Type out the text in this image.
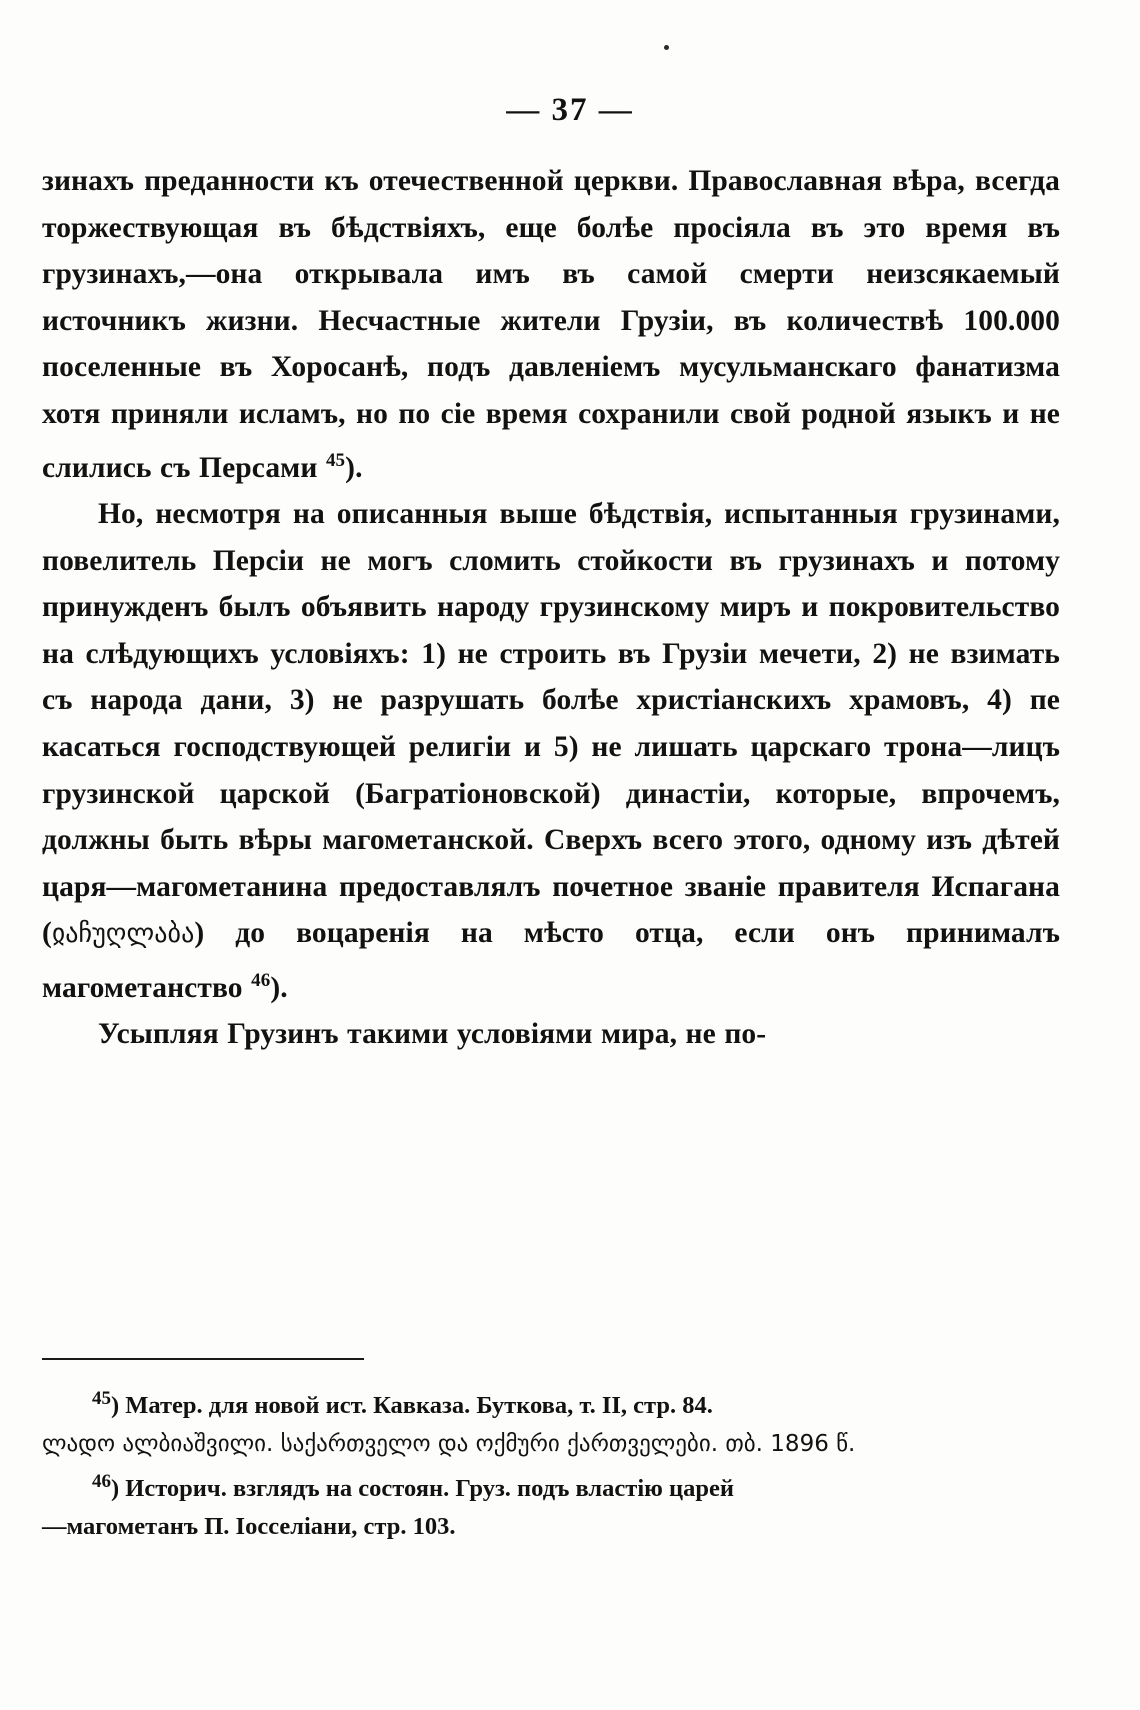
— 37 —

зинахъ преданности къ отечественной церкви. Православная вѣра, всегда торжествующая въ бѣдствіяхъ, еще болѣе просіяла въ это время въ грузинахъ,—она открывала имъ въ самой смерти неизсякаемый источникъ жизни. Несчастные жители Грузіи, въ количествѣ 100.000 поселенные въ Хоросанѣ, подъ давленіемъ мусульманскаго фанатизма хотя приняли исламъ, но по сіе время сохранили свой родной языкъ и не слились съ Персами $^{45}$).

Но, несмотря на описанныя выше бѣдствія, испытанныя грузинами, повелитель Персіи не могъ сломить стойкости въ грузинахъ и потому принужденъ былъ объявить народу грузинскому миръ и покровительство на слѣдующихъ условіяхъ: 1) не строить въ Грузіи мечети, 2) не взимать съ народа дани, 3) не разрушать болѣе христіанскихъ храмовъ, 4) пе касаться господствующей религіи и 5) не лишать царскаго трона—лицъ грузинской царской (Багратіоновской) династіи, которые, впрочемъ, должны быть вѣры магометанской. Сверхъ всего этого, одному изъ дѣтей царя—магометанина предоставлялъ почетное званіе правителя Испагана (ჲაჩუღლაბა) до воцаренія на мѣсто отца, если онъ принималъ магометанство $^{46}$).

Усыпляя Грузинъ такими условіями мира, не по-

$^{45}$) Матер. для новой ист. Кавказа. Буткова, т. II, стр. 84.

ლადო ალბიაშვილი. საქართველო და ოქმური ქართველები. თბ. 1896 წ.

$^{46}$) Историч. взглядъ на состоян. Груз. подъ властію царей

—магометанъ П. Іосселіани, стр. 103.
